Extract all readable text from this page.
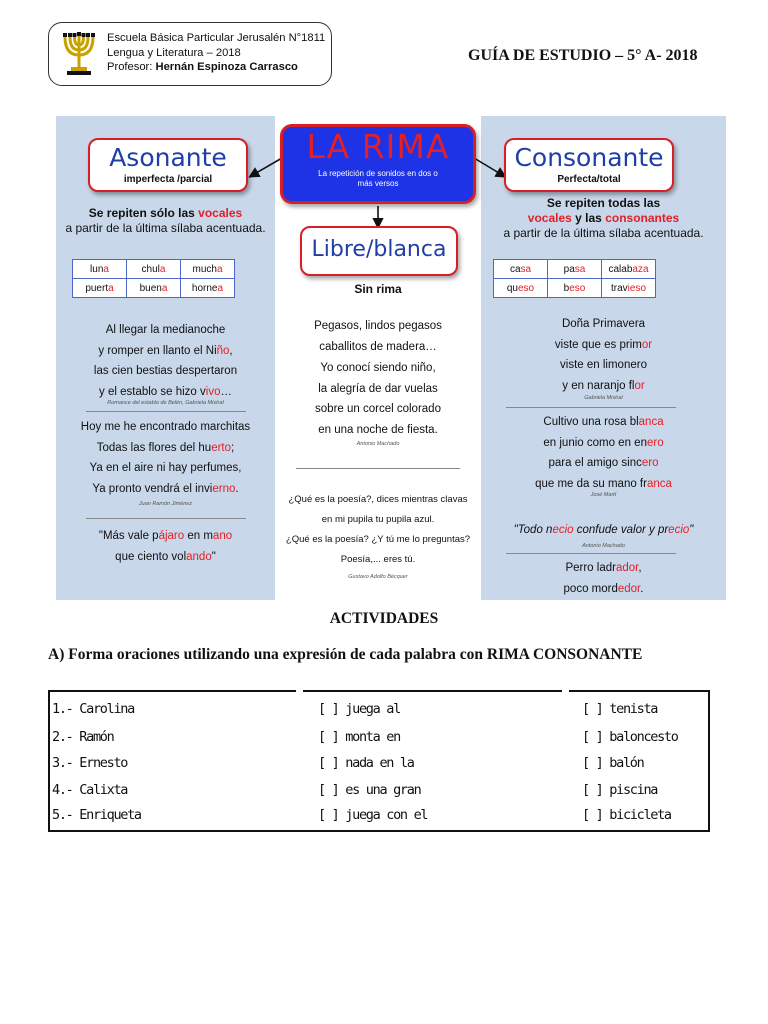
Escuela Básica Particular Jerusalén N°1811
Lengua y Literatura – 2018
Profesor: Hernán Espinoza Carrasco
GUÍA DE ESTUDIO – 5° A- 2018
LA RIMA
La repetición de sonidos en dos o más versos
Asonante
imperfecta /parcial
Se repiten sólo las vocales
a partir de la última sílaba acentuada.
luna	chula	mucha
puerta	buena	hornea
Al llegar la medianoche
y romper en llanto el Niño,
las cien bestias despertaron
y el establo se hizo vivo…
Romance del establo de Belén, Gabriela Mistral
Hoy me he encontrado marchitas
Todas las flores del huerto;
Ya en el aire ni hay perfumes,
Ya pronto vendrá el invierno.
Juan Ramón Jiménez
"Más vale pájaro en mano
que ciento volando"
Libre/blanca
Sin rima
Pegasos, lindos pegasos
caballitos de madera…
Yo conocí siendo niño,
la alegría de dar vuelas
sobre un corcel colorado
en una noche de fiesta.
Antonio Machado
¿Qué es la poesía?, dices mientras clavas
en mi pupila tu pupila azul.
¿Qué es la poesía? ¿Y tú me lo preguntas?
Poesía,... eres tú.
Gustavo Adolfo Bécquer
Consonante
Perfecta/total
Se repiten todas las
vocales y las consonantes
a partir de la última sílaba acentuada.
casa	pasa	calabaza
queso	beso	travieso
Doña Primavera
viste que es primor
viste en limonero
y en naranjo flor
Gabriela Mistral
Cultivo una rosa blanca
en junio como en enero
para el amigo sincero
que me da su mano franca
José Martí
"Todo necio confude valor y precio"
Antonio Machado
Perro ladrador,
poco mordedor.
ACTIVIDADES
A) Forma oraciones utilizando una expresión de cada palabra con RIMA CONSONANTE
1.- Carolina	[ ] juega al	[ ] tenista
2.- Ramón	[ ] monta en	[ ] baloncesto
3.- Ernesto	[ ] nada en la	[ ] balón
4.- Calixta	[ ] es una gran	[ ] piscina
5.- Enriqueta	[ ] juega con el	[ ] bicicleta
